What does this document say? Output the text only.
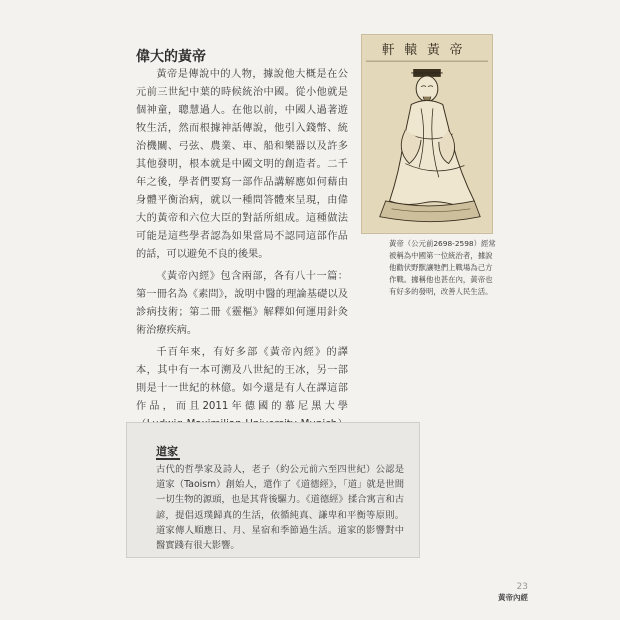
偉大的黃帝

黃帝是傳說中的人物，據說他大概是在公元前三世紀中葉的時候統治中國。從小他就是個神童，聰慧過人。在他以前，中國人過著遊牧生活，然而根據神話傳說，他引入錢幣、統治機關、弓弦、農業、車、船和樂器以及許多其他發明，根本就是中國文明的創造者。二千年之後，學者們要寫一部作品講解應如何藉由身體平衡治病，就以一種問答體來呈現，由偉大的黃帝和六位大臣的對話所組成。這種做法可能是這些學者認為如果當局不認同這部作品的話，可以避免不良的後果。

《黃帝內經》包含兩部，各有八十一篇：第一冊名為《素問》，說明中醫的理論基礎以及診病技術；第二冊《靈樞》解釋如何運用針灸術治療疾病。

千百年來，有好多部《黃帝內經》的譯本，其中有一本可溯及八世紀的王冰，另一部則是十一世紀的林億。如今還是有人在譯這部作品，而且2011年德國的慕尼黑大學

軒轅黃帝
黃帝（公元前2698-2598）經常被稱為中國第一位統治者，據說他勸伏野獸讓牠們上戰場為己方作戰。據稱他也甚在內，黃帝也有好多的發明，改善人民生活。
道家

古代的哲學家及詩人，老子（約公元前六至四世紀）公認是道家（Taoism）創始人，還作了《道德經》，「道」就是世間一切生物的源頭，也是其背後驅力。《道德經》揉合寓言和古諺，提倡返璞歸真的生活，依循純真、謙卑和平衡等原則。道家傳人順應日、月、星宿和季節過生活。道家的影響對中醫實踐有很大影響。

23
黃帝內經
